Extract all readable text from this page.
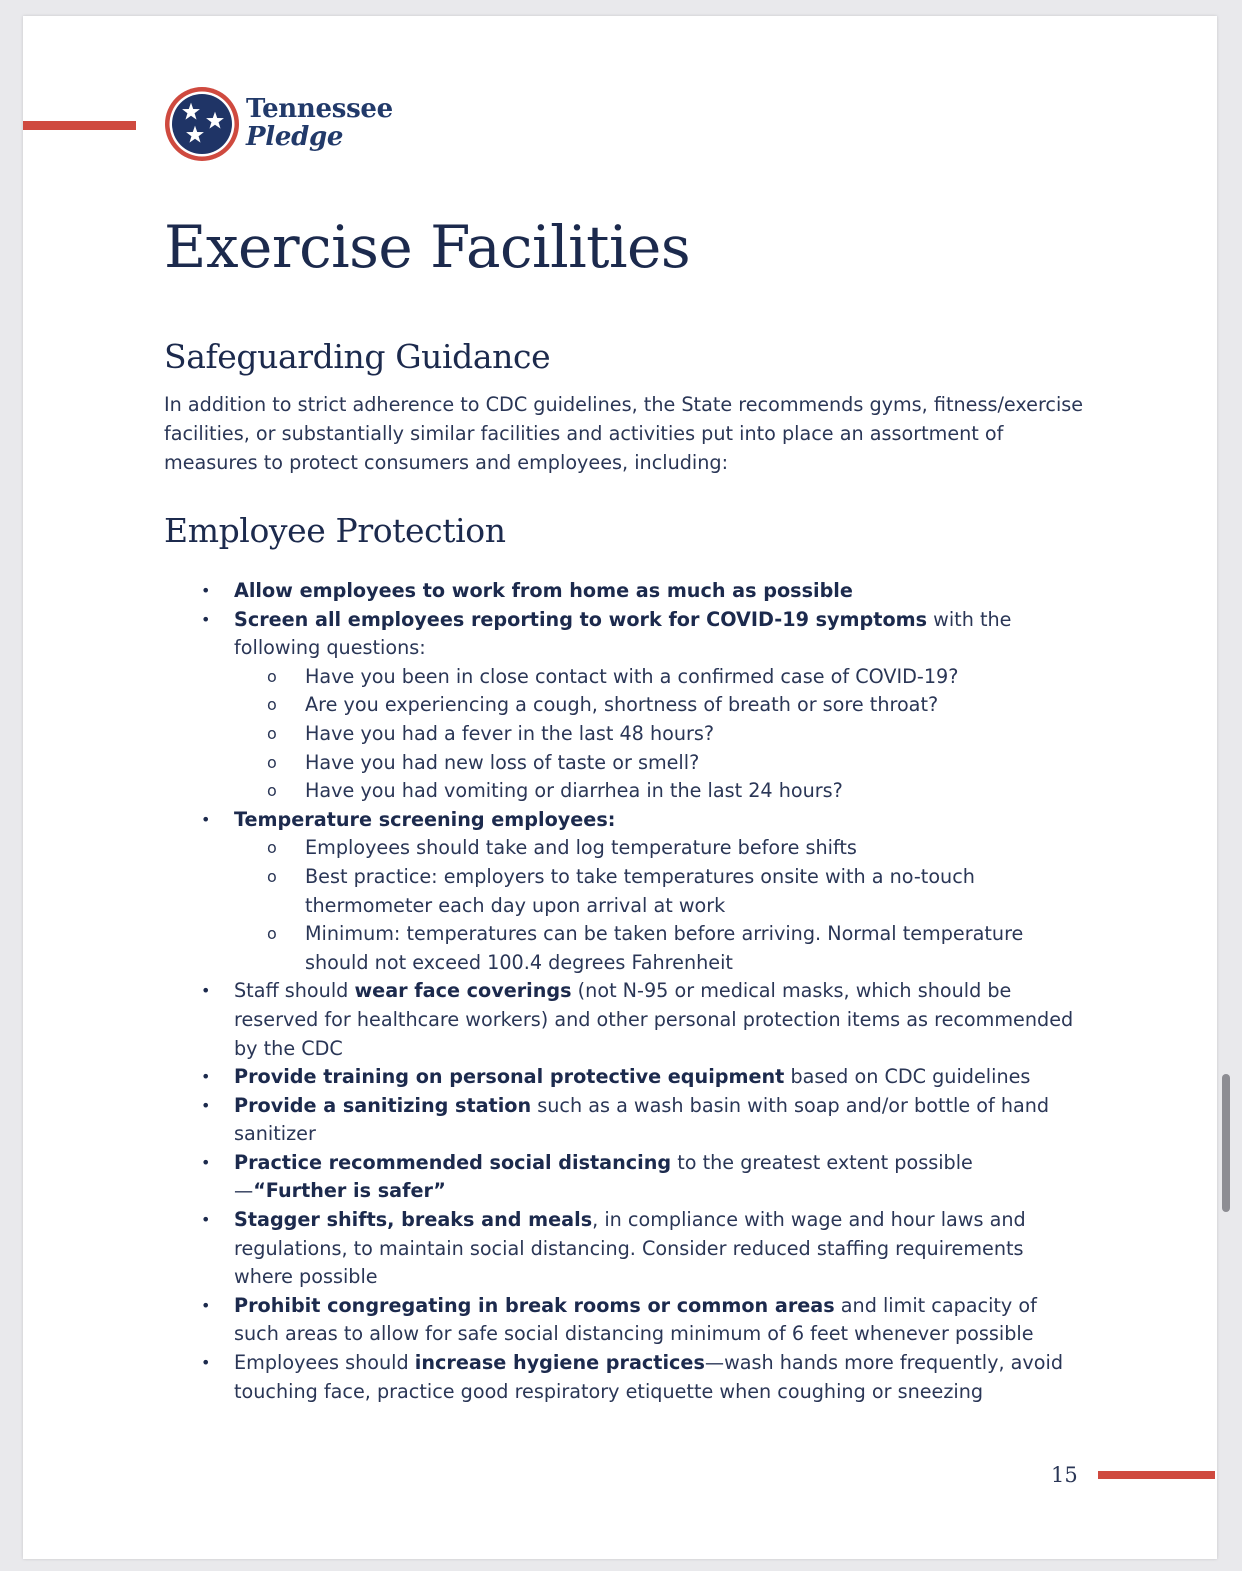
Tennessee
Pledge
Exercise Facilities
Safeguarding Guidance

In addition to strict adherence to CDC guidelines, the State recommends gyms, fitness/exercise facilities, or substantially similar facilities and activities put into place an assortment of measures to protect consumers and employees, including:

Employee Protection
• Allow employees to work from home as much as possible
• Screen all employees reporting to work for COVID-19 symptoms with the following questions:
o Have you been in close contact with a confirmed case of COVID-19?
o Are you experiencing a cough, shortness of breath or sore throat?
o Have you had a fever in the last 48 hours?
o Have you had new loss of taste or smell?
o Have you had vomiting or diarrhea in the last 24 hours?
• Temperature screening employees:
o Employees should take and log temperature before shifts
o Best practice: employers to take temperatures onsite with a no-touch thermometer each day upon arrival at work
o Minimum: temperatures can be taken before arriving. Normal temperature should not exceed 100.4 degrees Fahrenheit
• Staff should wear face coverings (not N-95 or medical masks, which should be reserved for healthcare workers) and other personal protection items as recommended by the CDC
• Provide training on personal protective equipment based on CDC guidelines
• Provide a sanitizing station such as a wash basin with soap and/or bottle of hand sanitizer
• Practice recommended social distancing to the greatest extent possible—“Further is safer”
• Stagger shifts, breaks and meals, in compliance with wage and hour laws and regulations, to maintain social distancing. Consider reduced staffing requirements where possible
• Prohibit congregating in break rooms or common areas and limit capacity of such areas to allow for safe social distancing minimum of 6 feet whenever possible
• Employees should increase hygiene practices—wash hands more frequently, avoid touching face, practice good respiratory etiquette when coughing or sneezing
15
